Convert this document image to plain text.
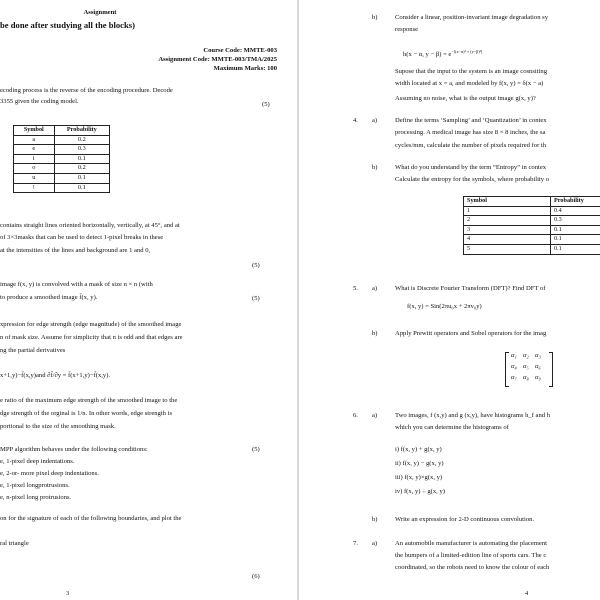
Assignment
be done after studying all the blocks)
Course Code: MMTE-003
Assignment Code: MMTE-003/TMA/2025
Maximum Marks: 100
ecoding process is the reverse of the encoding procedure. Decode
3355 given the coding model.	(5)
Symbol	Probability
a	0.2
e	0.3
i	0.1
o	0.2
u	0.1
!	0.1
contains straight lines oriented horizontally, vertically, at 45°, and at
of 3×3masks that can be used to detect 1-pixel breaks in these
at the intensities of the lines and background are 1 and 0,
(5)
image f(x, y) is convolved with a mask of size n × n (with
to produce a smoothed image f̄(x, y).	(5)
xpression for edge strength (edge magnitude) of the smoothed image
n of mask size. Assume for simplicity that n is odd and that edges are
ng the partial derivatives
x+1,y)−f̄(x,y)and ∂f̄/∂y = f̄(x+1,y)−f̄(x,y).
e ratio of the maximum edge strength of the smoothed image to the
dge strength of the orginal is 1/n. In other words, edge strength is
portional to the size of the smoothing mask.
MPP algorithm behaves under the following conditions:	(5)
e, 1-pixel deep indentations.
e, 2-or- more pixel deep indentations.
e, 1-pixel longprotrusions.
e, n-pixel long protrusions.
on for the signature of each of the following boundaries, and plot the
ral triangle
(6)
3
b)	Consider a linear, position-invariant image degradation sy
response
h(x − α, $y - \beta) = e^{-[(x-\alpha)^2 + (y-\beta)^2]}$
Supose that the input to the system is an image cosnsiting
width located at x = a, and modeled by f(x, y) = δ(x − a)
Assuming no noise, what is the output image g(x, y)?
4. a)	Define the terms ‘Sampling’ and ‘Quantization’ in contex
processing. A medical image has size 8 × 8 inches, the sa
cycles/mm, calculate the number of pixels required for th
b)	What do you understand by the term “Entropy” in contex
Calculate the entropy for the symbols, where probability o
Symbol	Probability
1	0.4
2	0.3
3	0.1
4	0.1
5	0.1
5. a)	What is Discrete Fourier Transform (DFT)? Find DFT of
f(x, y) = Sin(2πu₀x + 2πv₀y)
b)	Apply Prewitt operators and Sobel operators for the imag
α₁ α₂ α₃
α₄ α₅ α₆
α₇ α₈ α₉
6. a)	Two images, f (x,y) and g (x,y), have histograms h_f and h
which you can determine the histograms of
i) f(x, y) + g(x, y)
ii) f(x, y) − g(x, y)
iii) f(x, y)×g(x, y)
iv) f(x, y) ÷ g(x, y)
b)	Write an expression for 2-D continuous convolution.
7. a)	An automobile manufacturer is automating the placement
the bumpers of a limited-edition line of sports cars. The c
coordinated, so the robots need to know the colour of each
4
